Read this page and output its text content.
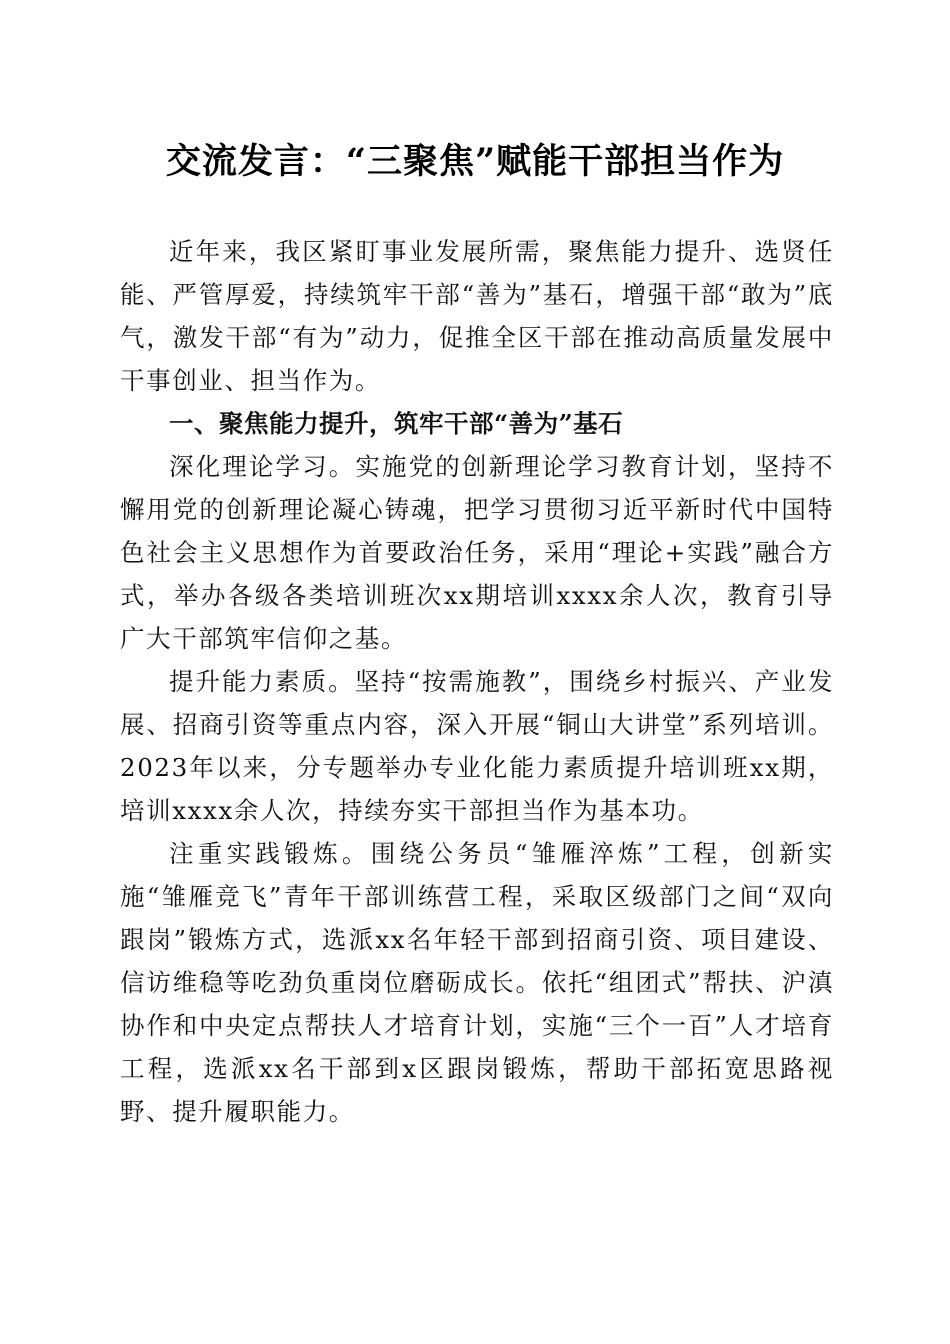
交流发言：“三聚焦”赋能干部担当作为

近年来，我区紧盯事业发展所需，聚焦能力提升、选贤任能、严管厚爱，持续筑牢干部“善为”基石，增强干部“敢为”底气，激发干部“有为”动力，促推全区干部在推动高质量发展中干事创业、担当作为。

一、聚焦能力提升，筑牢干部“善为”基石

深化理论学习。实施党的创新理论学习教育计划，坚持不懈用党的创新理论凝心铸魂，把学习贯彻习近平新时代中国特色社会主义思想作为首要政治任务，采用“理论+实践”融合方式，举办各级各类培训班次xx期培训xxxx余人次，教育引导广大干部筑牢信仰之基。

提升能力素质。坚持“按需施教”，围绕乡村振兴、产业发展、招商引资等重点内容，深入开展“铜山大讲堂”系列培训。2023年以来，分专题举办专业化能力素质提升培训班xx期，培训xxxx余人次，持续夯实干部担当作为基本功。

注重实践锻炼。围绕公务员“雏雁淬炼”工程，创新实施“雏雁竞飞”青年干部训练营工程，采取区级部门之间“双向跟岗”锻炼方式，选派xx名年轻干部到招商引资、项目建设、信访维稳等吃劲负重岗位磨砺成长。依托“组团式”帮扶、沪滇协作和中央定点帮扶人才培育计划，实施“三个一百”人才培育工程，选派xx名干部到x区跟岗锻炼，帮助干部拓宽思路视野、提升履职能力。
